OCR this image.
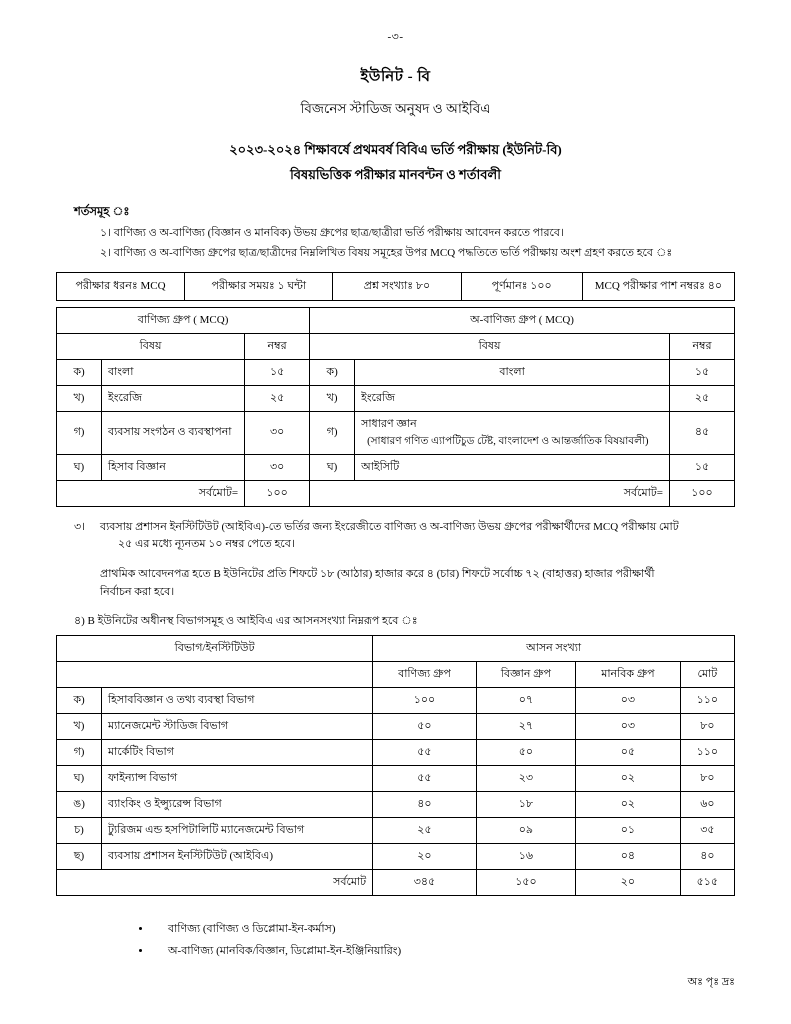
-৩-
ইউনিট - বি
বিজনেস স্টাডিজ অনুষদ ও আইবিএ
২০২৩-২০২৪ শিক্ষাবর্ষে প্রথমবর্ষ বিবিএ ভর্তি পরীক্ষায় (ইউনিট-বি)
বিষয়ভিত্তিক পরীক্ষার মানবন্টন ও শর্তাবলী
শর্তসমূহ ঃ
১। বাণিজ্য ও অ-বাণিজ্য (বিজ্ঞান ও মানবিক) উভয় গ্রুপের ছাত্র/ছাত্রীরা ভর্তি পরীক্ষায় আবেদন করতে পারবে।
২। বাণিজ্য ও অ-বাণিজ্য গ্রুপের ছাত্র/ছাত্রীদের নিম্নলিখিত বিষয় সমূহের উপর MCQ পদ্ধতিতে ভর্তি পরীক্ষায় অংশ গ্রহণ করতে হবে ঃ
পরীক্ষার ধরনঃ MCQ	পরীক্ষার সময়ঃ ১ ঘন্টা	প্রশ্ন সংখ্যাঃ ৮০	পূর্ণমানঃ ১০০	MCQ পরীক্ষার পাশ নম্বরঃ ৪০
বাণিজ্য গ্রুপ ( MCQ)			অ-বাণিজ্য গ্রুপ ( MCQ)		
বিষয়		নম্বর	বিষয়		নম্বর
ক)	বাংলা	১৫	ক)	বাংলা	১৫
খ)	ইংরেজি	২৫	খ)	ইংরেজি	২৫
গ)	ব্যবসায় সংগঠন ও ব্যবস্থাপনা	৩০	গ)	সাধারণ জ্ঞান
(সাধারণ গণিত এ্যাপটিচুড টেষ্ট, বাংলাদেশ ও আন্তর্জাতিক বিষয়াবলী)	৪৫
ঘ)	হিসাব বিজ্ঞান	৩০	ঘ)	আইসিটি	১৫
সর্বমোট=		১০০	সর্বমোট=		১০০
৩। ব্যবসায় প্রশাসন ইনস্টিটিউট (আইবিএ)-তে ভর্তির জন্য ইংরেজীতে বাণিজ্য ও অ-বাণিজ্য উভয় গ্রুপের পরীক্ষার্থীদের MCQ পরীক্ষায় মোট
২৫ এর মধ্যে ন্যূনতম ১০ নম্বর পেতে হবে।
প্রাথমিক আবেদনপত্র হতে B ইউনিটের প্রতি শিফটে ১৮ (আঠার) হাজার করে ৪ (চার) শিফটে সর্বোচ্চ ৭২ (বাহাত্তর) হাজার পরীক্ষার্থী
নির্বাচন করা হবে।
৪) B ইউনিটের অধীনস্থ বিভাগসমূহ ও আইবিএ এর আসনসংখ্যা নিম্নরূপ হবে ঃ
বিভাগ/ইনস্টিটিউট		আসন সংখ্যা			
		বাণিজ্য গ্রুপ	বিজ্ঞান গ্রুপ	মানবিক গ্রুপ	মোট
ক)	হিসাববিজ্ঞান ও তথ্য ব্যবস্থা বিভাগ	১০০	০৭	০৩	১১০
খ)	ম্যানেজমেন্ট স্টাডিজ বিভাগ	৫০	২৭	০৩	৮০
গ)	মার্কেটিং বিভাগ	৫৫	৫০	০৫	১১০
ঘ)	ফাইন্যান্স বিভাগ	৫৫	২৩	০২	৮০
ঙ)	ব্যাংকিং ও ইন্স্যুরেন্স বিভাগ	৪০	১৮	০২	৬০
চ)	ট্যুরিজম এন্ড হসপিটালিটি ম্যানেজমেন্ট বিভাগ	২৫	০৯	০১	৩৫
ছ)	ব্যবসায় প্রশাসন ইনস্টিটিউট (আইবিএ)	২০	১৬	০৪	৪০
সর্বমোট		৩৪৫	১৫০	২০	৫১৫
• বাণিজ্য (বাণিজ্য ও ডিপ্লোমা-ইন-কর্মাস)
• অ-বাণিজ্য (মানবিক/বিজ্ঞান, ডিপ্লোমা-ইন-ইঞ্জিনিয়ারিং)
অঃ পৃঃ দ্রঃ
